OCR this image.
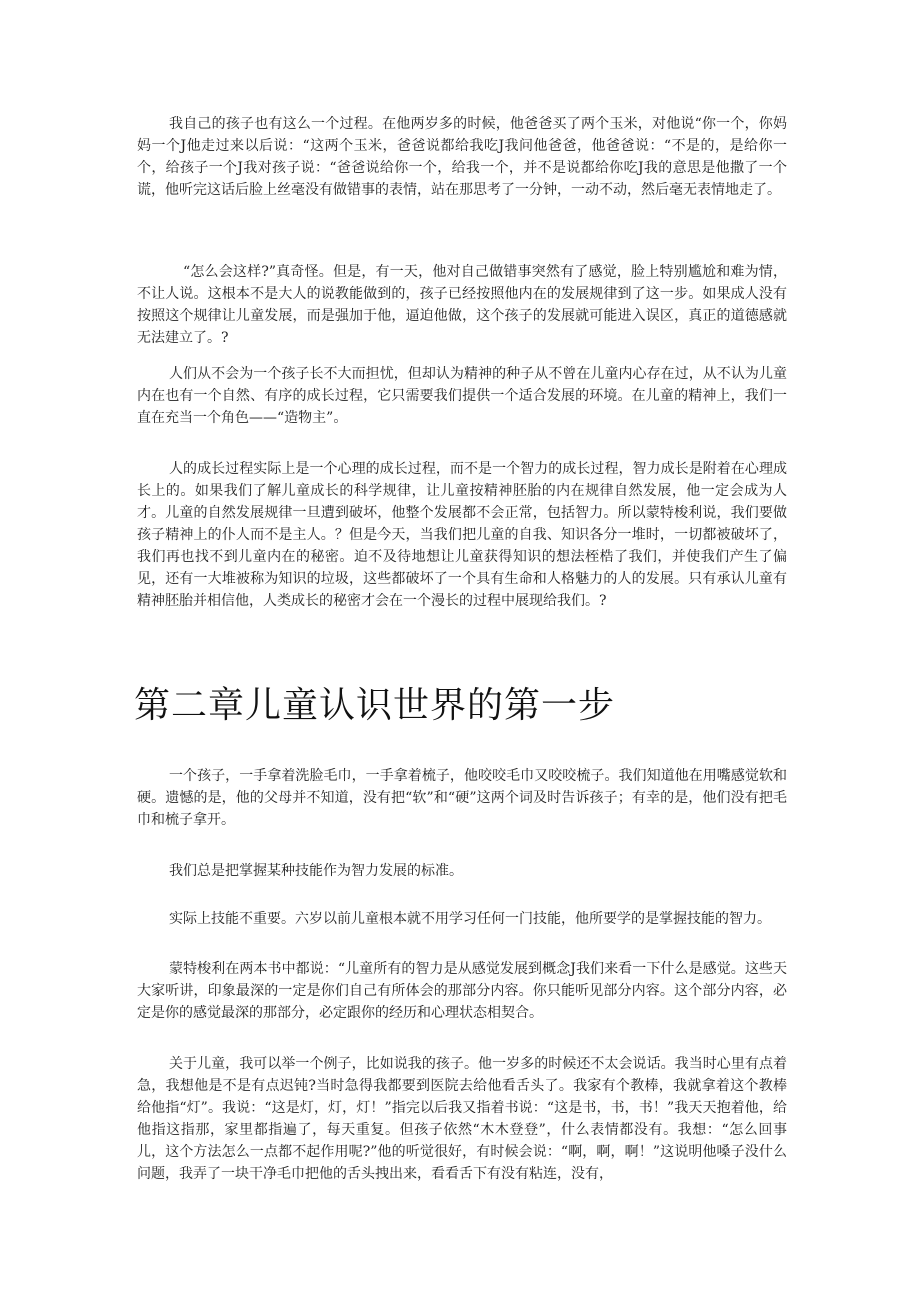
我自己的孩子也有这么一个过程。在他两岁多的时候，他爸爸买了两个玉米，对他说“你一个，你妈妈一个J他走过来以后说：“这两个玉米，爸爸说都给我吃J我问他爸爸，他爸爸说：“不是的，是给你一个，给孩子一个J我对孩子说：“爸爸说给你一个，给我一个，并不是说都给你吃J我的意思是他撒了一个谎，他听完这话后脸上丝毫没有做错事的表情，站在那思考了一分钟，一动不动，然后毫无表情地走了。

“怎么会这样?”真奇怪。但是，有一天，他对自己做错事突然有了感觉，脸上特别尴尬和难为情，不让人说。这根本不是大人的说教能做到的，孩子已经按照他内在的发展规律到了这一步。如果成人没有按照这个规律让儿童发展，而是强加于他，逼迫他做，这个孩子的发展就可能进入误区，真正的道德感就无法建立了。?

人们从不会为一个孩子长不大而担忧，但却认为精神的种子从不曾在儿童内心存在过，从不认为儿童内在也有一个自然、有序的成长过程，它只需要我们提供一个适合发展的环境。在儿童的精神上，我们一直在充当一个角色——“造物主”。

人的成长过程实际上是一个心理的成长过程，而不是一个智力的成长过程，智力成长是附着在心理成长上的。如果我们了解儿童成长的科学规律，让儿童按精神胚胎的内在规律自然发展，他一定会成为人才。儿童的自然发展规律一旦遭到破坏，他整个发展都不会正常，包括智力。所以蒙特梭利说，我们要做孩子精神上的仆人而不是主人。？但是今天，当我们把儿童的自我、知识各分一堆时，一切都被破坏了，我们再也找不到儿童内在的秘密。迫不及待地想让儿童获得知识的想法桎梏了我们，并使我们产生了偏见，还有一大堆被称为知识的垃圾，这些都破坏了一个具有生命和人格魅力的人的发展。只有承认儿童有精神胚胎并相信他，人类成长的秘密才会在一个漫长的过程中展现给我们。?

第二章儿童认识世界的第一步

一个孩子，一手拿着洗脸毛巾，一手拿着梳子，他咬咬毛巾又咬咬梳子。我们知道他在用嘴感觉软和硬。遗憾的是，他的父母并不知道，没有把“软”和“硬”这两个词及时告诉孩子；有幸的是，他们没有把毛巾和梳子拿开。

我们总是把掌握某种技能作为智力发展的标准。

实际上技能不重要。六岁以前儿童根本就不用学习任何一门技能，他所要学的是掌握技能的智力。

蒙特梭利在两本书中都说：“儿童所有的智力是从感觉发展到概念J我们来看一下什么是感觉。这些天大家听讲，印象最深的一定是你们自己有所体会的那部分内容。你只能听见部分内容。这个部分内容，必定是你的感觉最深的那部分，必定跟你的经历和心理状态相契合。

关于儿童，我可以举一个例子，比如说我的孩子。他一岁多的时候还不太会说话。我当时心里有点着急，我想他是不是有点迟钝?当时急得我都要到医院去给他看舌头了。我家有个教棒，我就拿着这个教棒给他指“灯”。我说：“这是灯，灯，灯！”指完以后我又指着书说：“这是书，书，书！”我天天抱着他，给他指这指那，家里都指遍了，每天重复。但孩子依然“木木登登”，什么表情都没有。我想：“怎么回事儿，这个方法怎么一点都不起作用呢?”他的听觉很好，有时候会说：“啊，啊，啊！”这说明他嗓子没什么问题，我弄了一块干净毛巾把他的舌头拽出来，看看舌下有没有粘连，没有，
